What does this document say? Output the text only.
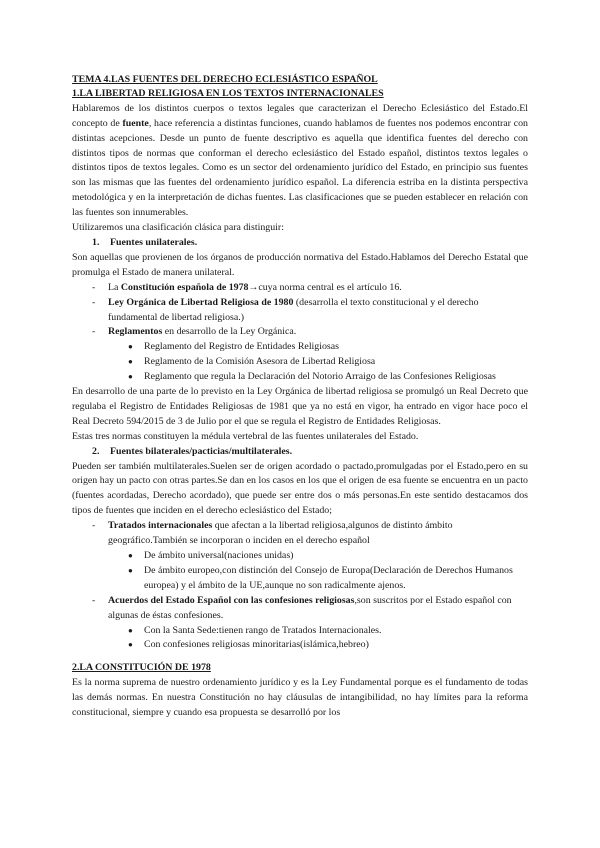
TEMA 4.LAS FUENTES DEL DERECHO ECLESIÁSTICO ESPAÑOL

1.LA LIBERTAD RELIGIOSA EN LOS TEXTOS INTERNACIONALES

Hablaremos de los distintos cuerpos o textos legales que caracterizan el Derecho Eclesiástico del Estado.El concepto de fuente, hace referencia a distintas funciones, cuando hablamos de fuentes nos podemos encontrar con distintas acepciones. Desde un punto de fuente descriptivo es aquella que identifica fuentes del derecho con distintos tipos de normas que conforman el derecho eclesiástico del Estado español, distintos textos legales o distintos tipos de textos legales. Como es un sector del ordenamiento jurídico del Estado, en principio sus fuentes son las mismas que las fuentes del ordenamiento jurídico español. La diferencia estriba en la distinta perspectiva metodológica y en la interpretación de dichas fuentes. Las clasificaciones que se pueden establecer en relación con las fuentes son innumerables.

Utilizaremos una clasificación clásica para distinguir:

1. Fuentes unilaterales.

Son aquellas que provienen de los órganos de producción normativa del Estado.Hablamos del Derecho Estatal que promulga el Estado de manera unilateral.

- La Constitución española de 1978→cuya norma central es el artículo 16.

- Ley Orgánica de Libertad Religiosa de 1980 (desarrolla el texto constitucional y el derecho fundamental de libertad religiosa.)

- Reglamentos en desarrollo de la Ley Orgánica.

● Reglamento del Registro de Entidades Religiosas

● Reglamento de la Comisión Asesora de Libertad Religiosa

● Reglamento que regula la Declaración del Notorio Arraigo de las Confesiones Religiosas

En desarrollo de una parte de lo previsto en la Ley Orgánica de libertad religiosa se promulgó un Real Decreto que regulaba el Registro de Entidades Religiosas de 1981 que ya no está en vigor, ha entrado en vigor hace poco el Real Decreto 594/2015 de 3 de Julio por el que se regula el Registro de Entidades Religiosas.

Estas tres normas constituyen la médula vertebral de las fuentes unilaterales del Estado.

2. Fuentes bilaterales/pacticias/multilaterales.

Pueden ser también multilaterales.Suelen ser de origen acordado o pactado,promulgadas por el Estado,pero en su origen hay un pacto con otras partes.Se dan en los casos en los que el origen de esa fuente se encuentra en un pacto (fuentes acordadas, Derecho acordado), que puede ser entre dos o más personas.En este sentido destacamos dos tipos de fuentes que inciden en el derecho eclesiástico del Estado;

- Tratados internacionales que afectan a la libertad religiosa,algunos de distinto ámbito geográfico.También se incorporan o inciden en el derecho español

● De ámbito universal(naciones unidas)

● De ámbito europeo,con distinción del Consejo de Europa(Declaración de Derechos Humanos europea) y el ámbito de la UE,aunque no son radicalmente ajenos.

- Acuerdos del Estado Español con las confesiones religiosas,son suscritos por el Estado español con algunas de éstas confesiones.

● Con la Santa Sede:tienen rango de Tratados Internacionales.

● Con confesiones religiosas minoritarias(islámica,hebreo)

2.LA CONSTITUCIÓN DE 1978

Es la norma suprema de nuestro ordenamiento jurídico y es la Ley Fundamental porque es el fundamento de todas las demás normas. En nuestra Constitución no hay cláusulas de intangibilidad, no hay límites para la reforma constitucional, siempre y cuando esa propuesta se desarrolló por los
